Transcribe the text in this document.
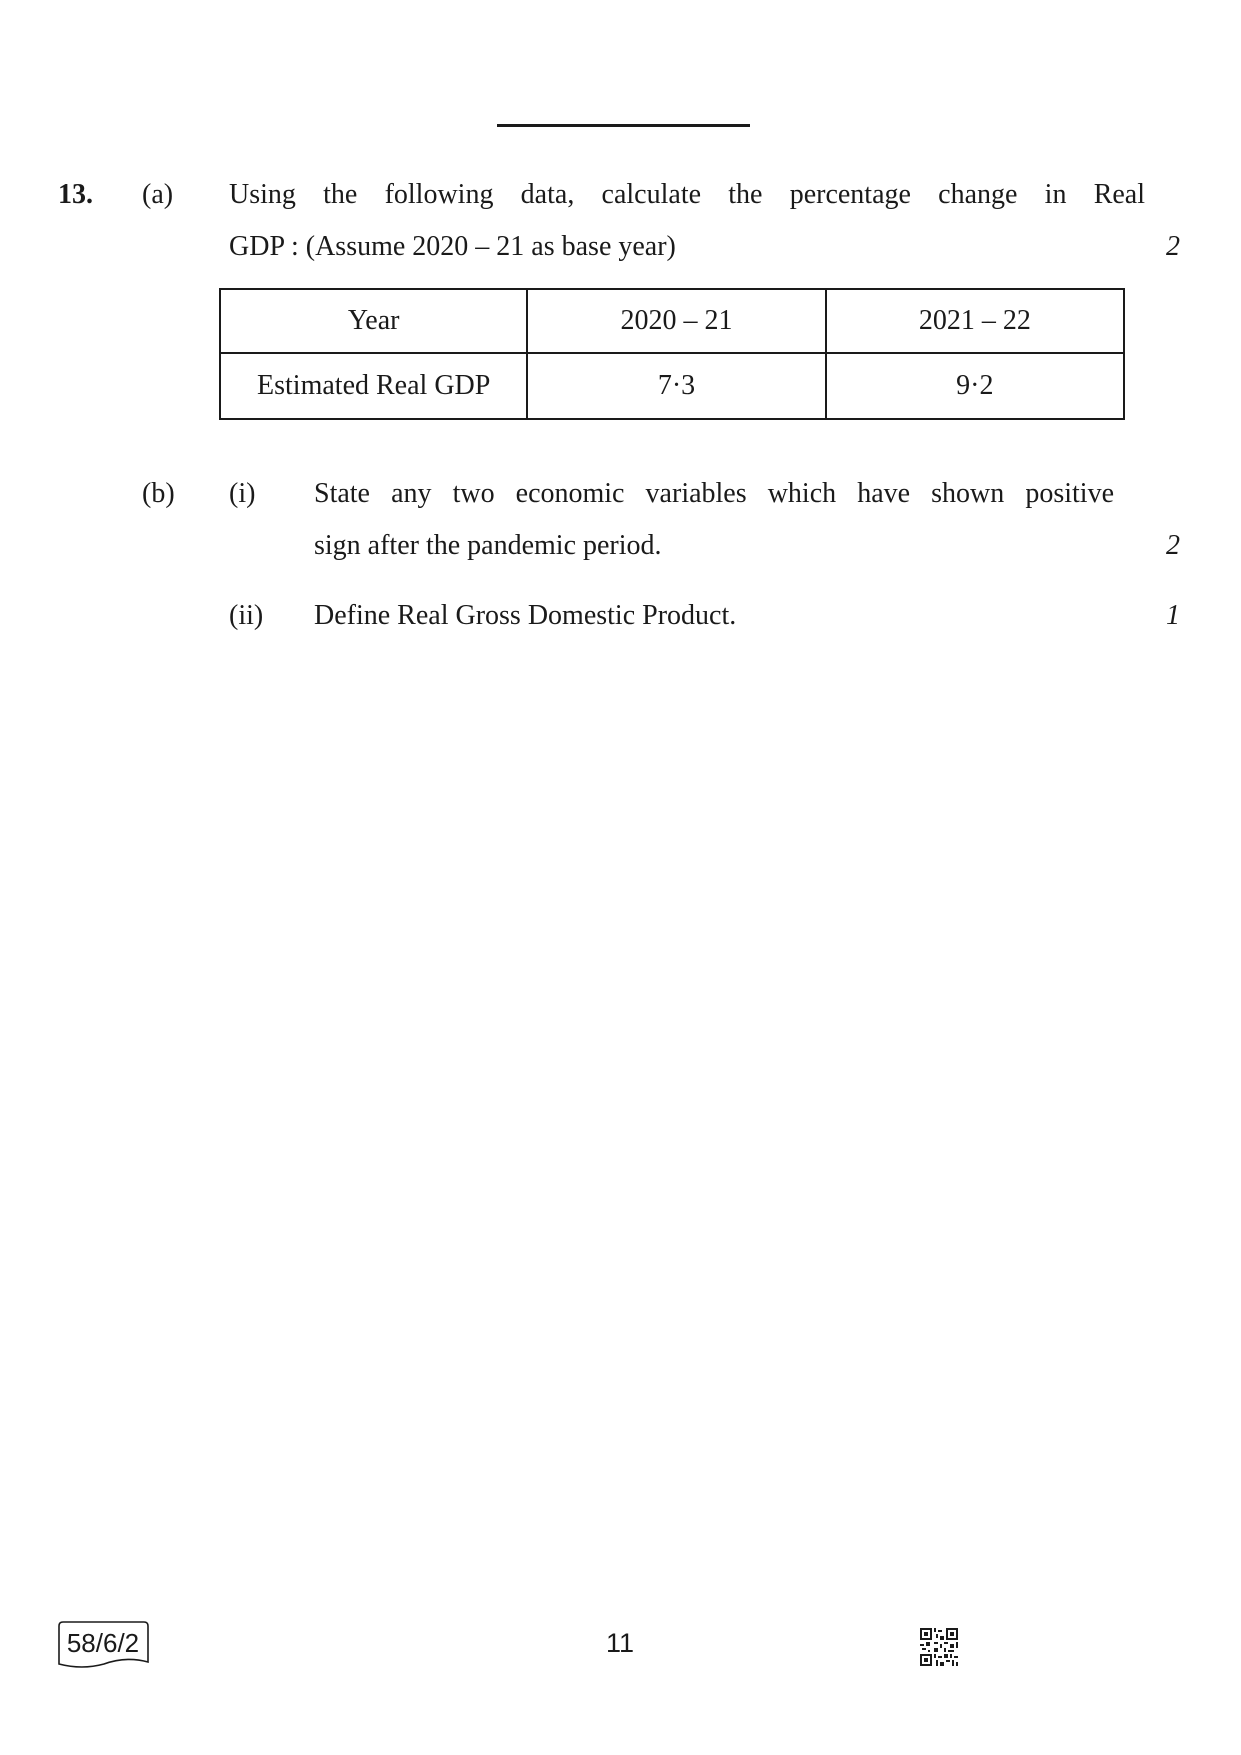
13. (a) Using the following data, calculate the percentage change in Real
GDP : (Assume 2020 – 21 as base year)	2
Year	2020 – 21	2021 – 22
Estimated Real GDP	7·3	9·2
(b) (i) State any two economic variables which have shown positive
sign after the pandemic period.	2
(ii) Define Real Gross Domestic Product.	1
58/6/2	11
